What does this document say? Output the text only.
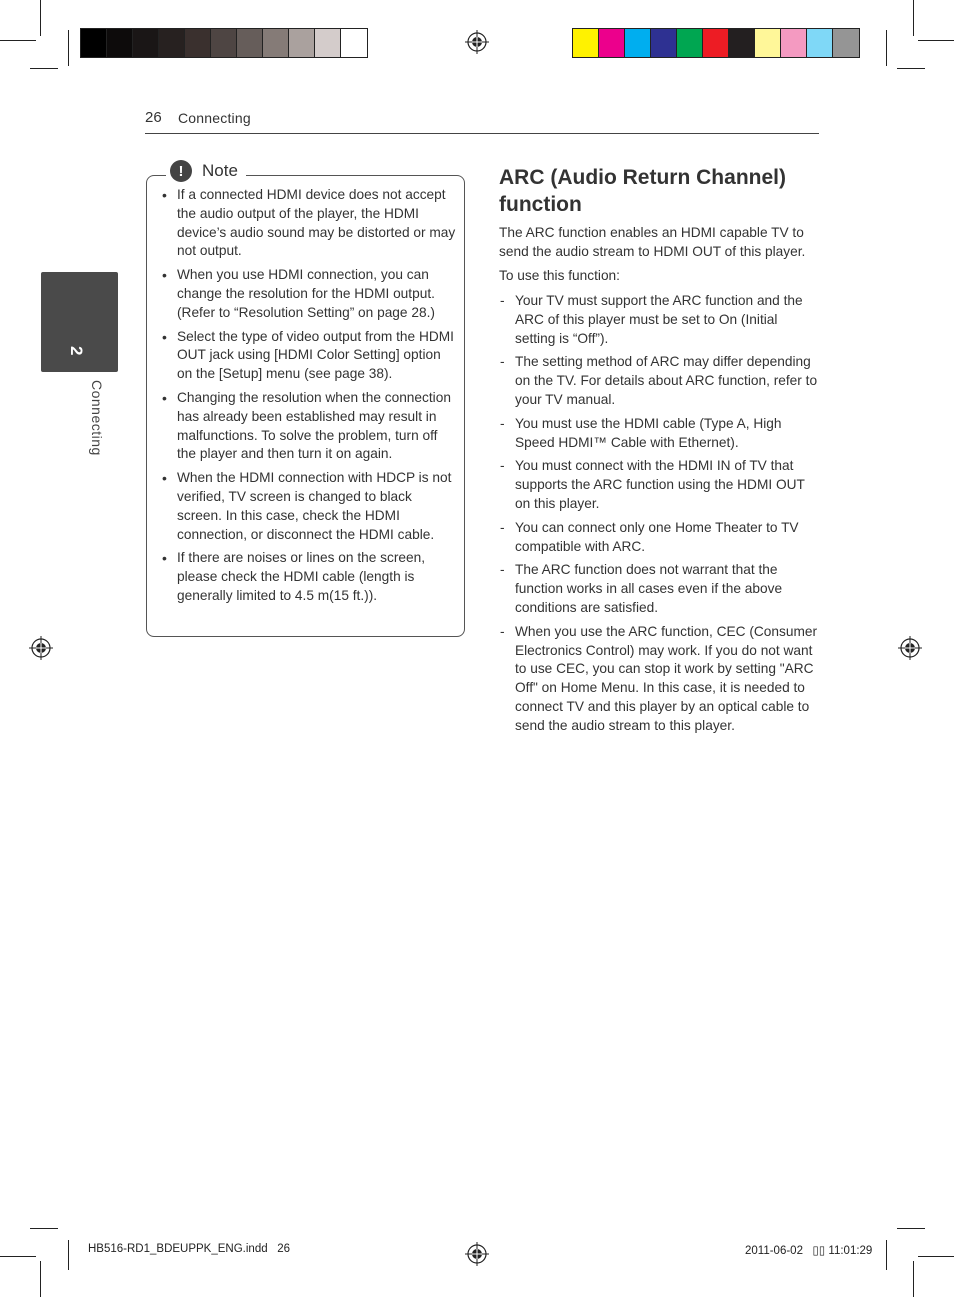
26 Connecting
2
Connecting
!	Note
• If a connected HDMI device does not accept the audio output of the player, the HDMI device’s audio sound may be distorted or may not output.
• When you use HDMI connection, you can change the resolution for the HDMI output. (Refer to “Resolution Setting” on page 28.)
• Select the type of video output from the HDMI OUT jack using [HDMI Color Setting] option on the [Setup] menu (see page 38).
• Changing the resolution when the connection has already been established may result in malfunctions. To solve the problem, turn off the player and then turn it on again.
• When the HDMI connection with HDCP is not verified, TV screen is changed to black screen. In this case, check the HDMI connection, or disconnect the HDMI cable.
• If there are noises or lines on the screen, please check the HDMI cable (length is generally limited to 4.5 m(15 ft.)).
ARC (Audio Return Channel) function

The ARC function enables an HDMI capable TV to send the audio stream to HDMI OUT of this player.

To use this function:

- Your TV must support the ARC function and the ARC of this player must be set to On (Initial setting is “Off”).
- The setting method of ARC may differ depending on the TV. For details about ARC function, refer to your TV manual.
- You must use the HDMI cable (Type A, High Speed HDMI™ Cable with Ethernet).
- You must connect with the HDMI IN of TV that supports the ARC function using the HDMI OUT on this player.
- You can connect only one Home Theater to TV compatible with ARC.
- The ARC function does not warrant that the function works in all cases even if the above conditions are satisfied.
- When you use the ARC function, CEC (Consumer Electronics Control) may work. If you do not want to use CEC, you can stop it work by setting "ARC Off" on Home Menu. In this case, it is needed to connect TV and this player by an optical cable to send the audio stream to this player.
HB516-RD1_BDEUPPK_ENG.indd   26	2011-06-02   ▯▯ 11:01:29
